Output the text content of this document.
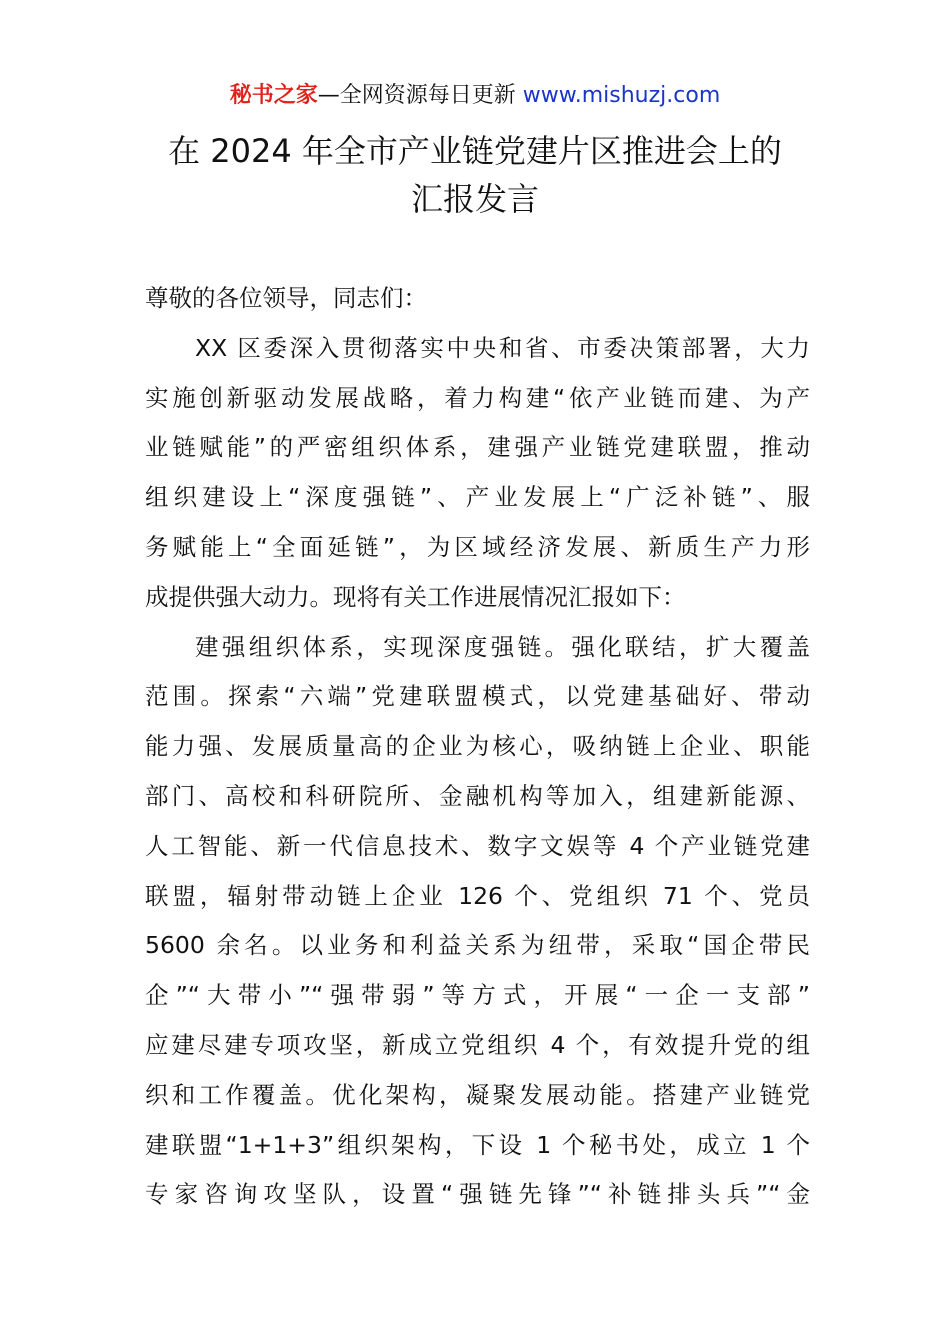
秘书之家—全网资源每日更新 www.mishuzj.com
在 2024 年全市产业链党建片区推进会上的
汇报发言
尊敬的各位领导，同志们：
XX 区委深入贯彻落实中央和省、市委决策部署，大力
实施创新驱动发展战略，着力构建“依产业链而建、为产
业链赋能”的严密组织体系，建强产业链党建联盟，推动
组织建设上“深度强链”、产业发展上“广泛补链”、服
务赋能上“全面延链”，为区域经济发展、新质生产力形
成提供强大动力。现将有关工作进展情况汇报如下：
建强组织体系，实现深度强链。强化联结，扩大覆盖
范围。探索“六端”党建联盟模式，以党建基础好、带动
能力强、发展质量高的企业为核心，吸纳链上企业、职能
部门、高校和科研院所、金融机构等加入，组建新能源、
人工智能、新一代信息技术、数字文娱等 4 个产业链党建
联盟，辐射带动链上企业 126 个、党组织 71 个、党员
5600 余名。以业务和利益关系为纽带，采取“国企带民
企”“大带小”“强带弱”等方式，开展“一企一支部”
应建尽建专项攻坚，新成立党组织 4 个，有效提升党的组
织和工作覆盖。优化架构，凝聚发展动能。搭建产业链党
建联盟“1+1+3”组织架构，下设 1 个秘书处，成立 1 个
专家咨询攻坚队，设置“强链先锋”“补链排头兵”“金
